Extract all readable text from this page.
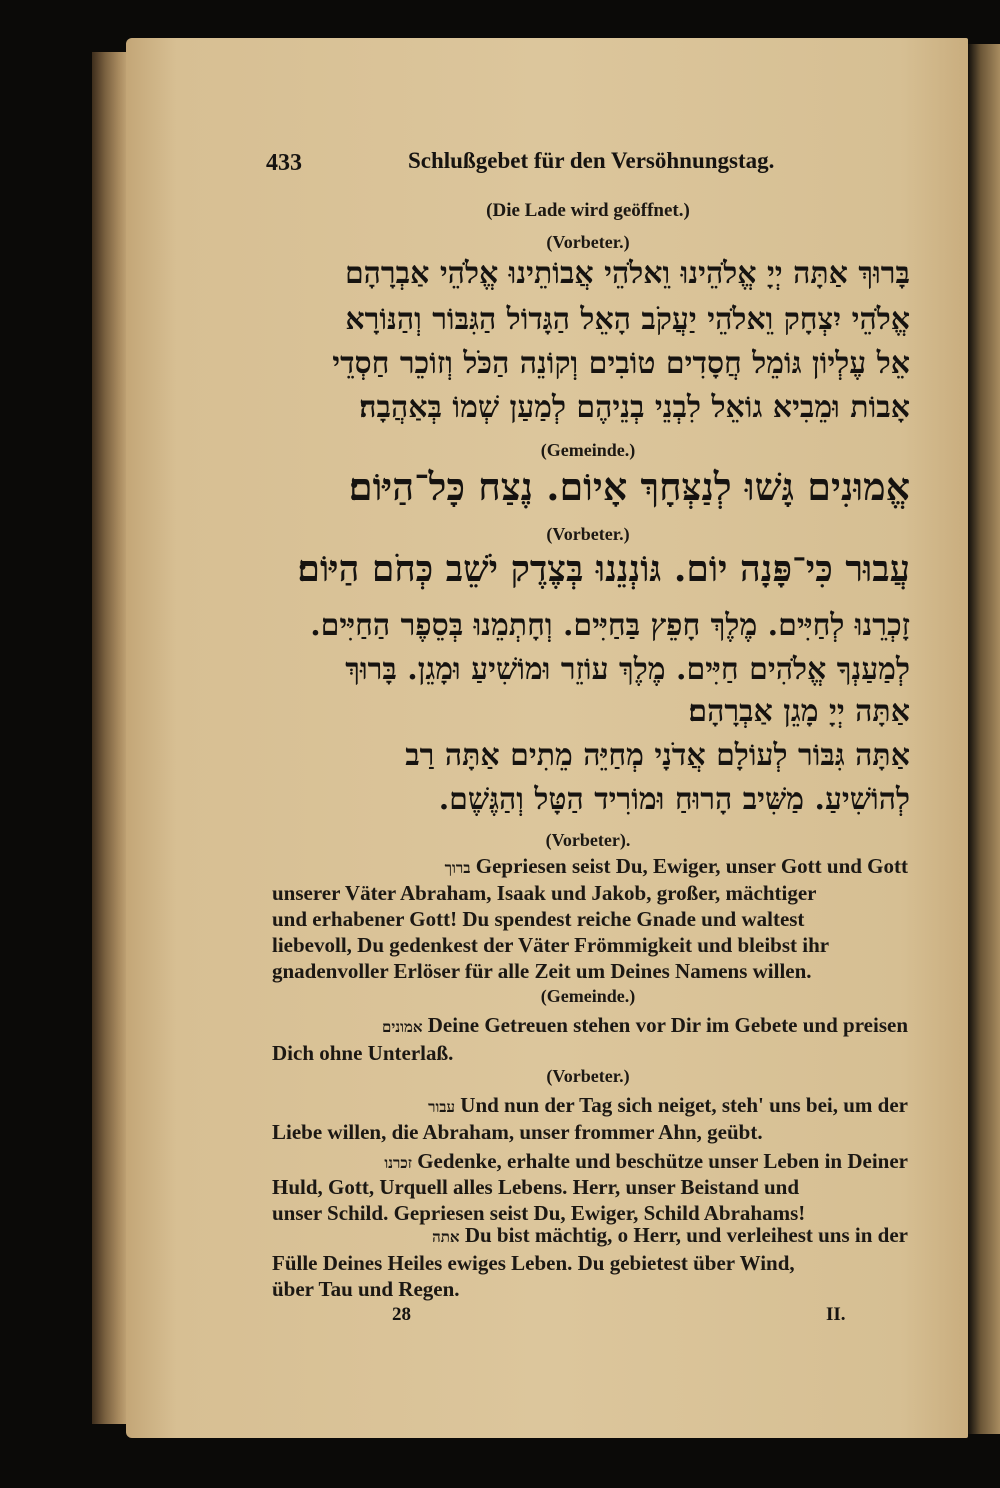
433	Schlußgebet für den Versöhnungstag.
(Die Lade wird geöffnet.)
(Vorbeter.)
בָּרוּךְ אַתָּה יְיָ אֱלֹהֵינוּ וֵאלֹהֵי אֲבוֹתֵינוּ אֱלֹהֵי אַבְרָהָם
אֱלֹהֵי יִצְחָק וֵאלֹהֵי יַעֲקֹב הָאֵל הַגָּדוֹל הַגִּבּוֹר וְהַנּוֹרָא
אֵל עֶלְיוֹן גּוֹמֵל חֲסָדִים טוֹבִים וְקוֹנֵה הַכֹּל וְזוֹכֵר חַסְדֵי
אָבוֹת וּמֵבִיא גוֹאֵל לִבְנֵי בְנֵיהֶם לְמַעַן שְׁמוֹ בְּאַהֲבָה׃
(Gemeinde.)
אֱמוּנִים גָּשׁוּ לְנַצְּחָךְ אָיוֹם. נֶצַח כָּל־הַיּוֹם׃
(Vorbeter.)
עֲבוּר כִּי־פָּנָה יוֹם. גּוֹנְנֵנוּ בְּצֶדֶק יֹשֵׁב כְּחֹם הַיּוֹם׃
זָכְרֵנוּ לְחַיִּים. מֶלֶךְ חָפֵץ בַּחַיִּים. וְחָתְמֵנוּ בְּסֵפֶר הַחַיִּים.
לְמַעַנְךָ אֱלֹהִים חַיִּים. מֶלֶךְ עוֹזֵר וּמוֹשִׁיעַ וּמָגֵן. בָּרוּךְ
אַתָּה יְיָ מָגֵן אַבְרָהָם׃
אַתָּה גִּבּוֹר לְעוֹלָם אֲדֹנָי מְחַיֵּה מֵתִים אַתָּה רַב
לְהוֹשִׁיעַ. מַשִּׁיב הָרוּחַ וּמוֹרִיד הַטָּל וְהַגֶּשֶׁם.
(Vorbeter).
ברוך Gepriesen seist Du, Ewiger, unser Gott und Gott
unserer Väter Abraham, Isaak und Jakob, großer, mächtiger
und erhabener Gott! Du spendest reiche Gnade und waltest
liebevoll, Du gedenkest der Väter Frömmigkeit und bleibst ihr
gnadenvoller Erlöser für alle Zeit um Deines Namens willen.
(Gemeinde.)
אמונים Deine Getreuen stehen vor Dir im Gebete und preisen
Dich ohne Unterlaß.
(Vorbeter.)
עבור Und nun der Tag sich neiget, steh' uns bei, um der
Liebe willen, die Abraham, unser frommer Ahn, geübt.
זכרנו Gedenke, erhalte und beschütze unser Leben in Deiner
Huld, Gott, Urquell alles Lebens. Herr, unser Beistand und
unser Schild. Gepriesen seist Du, Ewiger, Schild Abrahams!
אתה Du bist mächtig, o Herr, und verleihest uns in der
Fülle Deines Heiles ewiges Leben. Du gebietest über Wind,
über Tau und Regen.
28	II.
